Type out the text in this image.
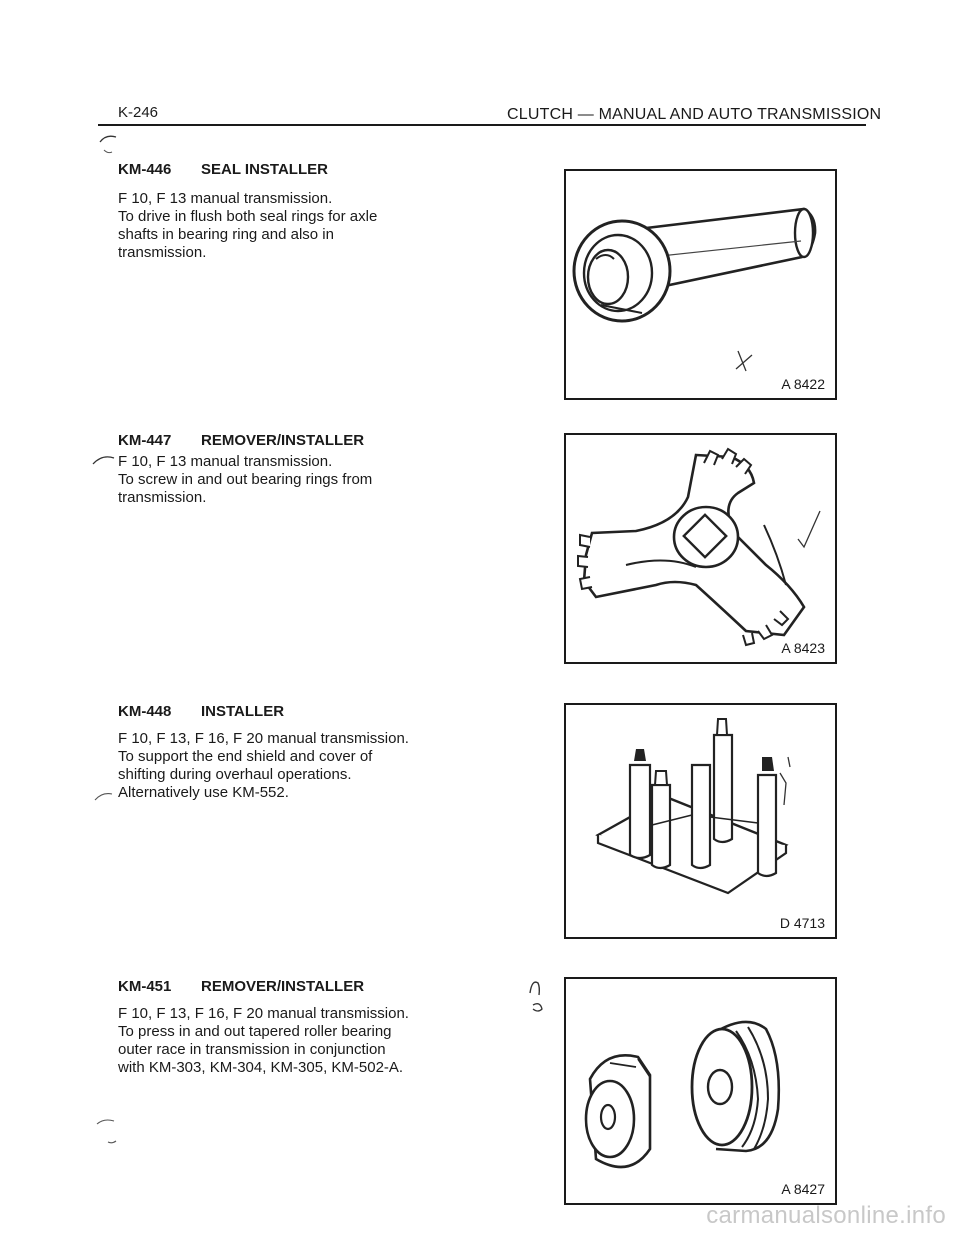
K-246	CLUTCH — MANUAL AND AUTO TRANSMISSION
KM-446 SEAL INSTALLER
F 10, F 13 manual transmission.
To drive in flush both seal rings for axle
shafts in bearing ring and also in
transmission.
A 8422
KM-447 REMOVER/INSTALLER
F 10, F 13 manual transmission.
To screw in and out bearing rings from
transmission.
A 8423
KM-448 INSTALLER
F 10, F 13, F 16, F 20 manual transmission.
To support the end shield and cover of
shifting during overhaul operations.
Alternatively use KM-552.
D 4713
KM-451 REMOVER/INSTALLER
F 10, F 13, F 16, F 20 manual transmission.
To press in and out tapered roller bearing
outer race in transmission in conjunction
with KM-303, KM-304, KM-305, KM-502-A.
A 8427
carmanualsonline.info
